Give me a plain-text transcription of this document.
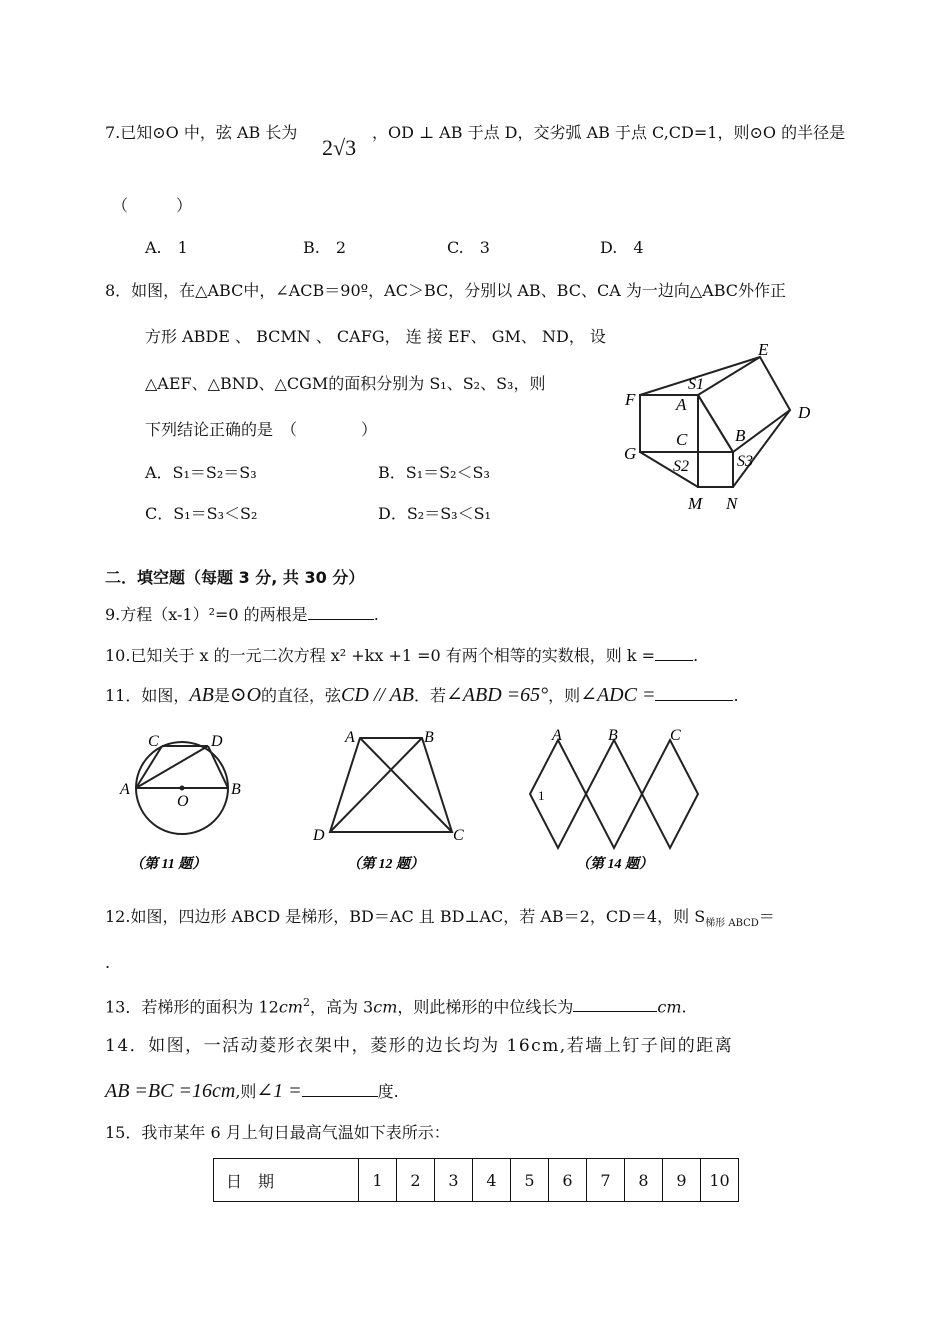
7.已知⊙O 中，弦 AB 长为
2√3
，OD ⊥ AB 于点 D，交劣弧 AB 于点 C,CD=1，则⊙O 的半径是
（　　　）
A.　1	B.　2	C.　3	D.　4
8．如图，在△ABC中，∠ACB＝90º，AC＞BC，分别以 AB、BC、CA 为一边向△ABC外作正
方形 ABDE 、 BCMN 、 CAFG， 连 接 EF、 GM、 ND， 设
△AEF、△BND、△CGM的面积分别为 S₁、S₂、S₃，则
下列结论正确的是　（　　　　）
A．S₁＝S₂＝S₃	B．S₁＝S₂＜S₃
C．S₁＝S₃＜S₂	D．S₂＝S₃＜S₁
E
S1
F A	D
C	B
G
S2	S3
M N
二．填空题（每题 3 分, 共 30 分）
9.方程（x-1）²=0 的两根是	.
10.已知关于 x 的一元二次方程 x² +kx +1 =0 有两个相等的实数根，则 k = .
11．如图，AB是⊙O的直径，弦CD // AB．若∠ABD =65°，则∠ADC =	.
C	D
A
O
B
（第 11 题）
A	B
D	C
（第 12 题）
A	B	C
1
（第 14 题）
12.如图，四边形 ABCD 是梯形，BD＝AC 且 BD⊥AC，若 AB＝2，CD＝4，则 $S_{梯形 ABCD}=$
.
13．若梯形的面积为 $12cm^2$，高为 3cm，则此梯形的中位线长为	cm.
14．如图，一活动菱形衣架中，菱形的边长均为 16cm,若墙上钉子间的距离
AB =BC =16cm,则∠1 =	度.
15．我市某年 6 月上旬日最高气温如下表所示：
日　期	1	2	3	4	5	6	7	8	9	10
